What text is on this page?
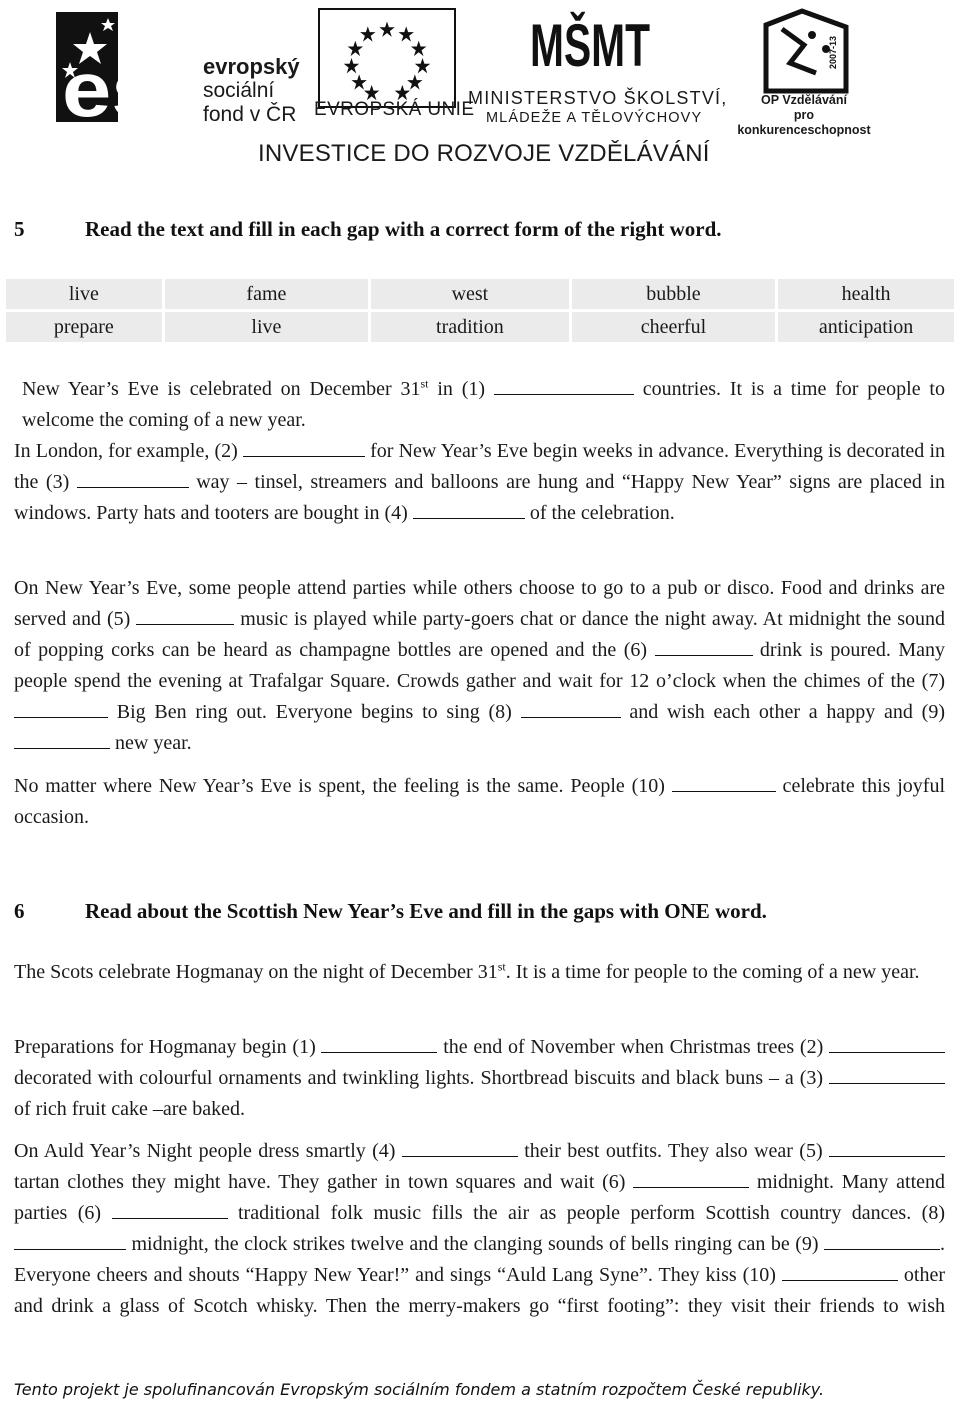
esf evropský
sociální
fond v ČR EVROPSKÁ UNIE
MŠMT
MINISTERSTVO ŠKOLSTVÍ,
MLÁDEŽE A TĚLOVÝCHOVY
2007-13
OP Vzdělávání
pro konkurenceschopnost
INVESTICE DO ROZVOJE VZDĚLÁVÁNÍ
5	Read the text and fill in each gap with a correct form of the right word.
live	fame	west	bubble	health
prepare	live	tradition	cheerful	anticipation
New Year’s Eve is celebrated on December 31st in (1)	countries. It is a time for people to welcome the coming of a new year.
In London, for example, (2)	for New Year’s Eve begin weeks in advance. Everything is decorated in the (3)	way – tinsel, streamers and balloons are hung and “Happy New Year” signs are placed in windows. Party hats and tooters are bought in (4)	of the celebration.
On New Year’s Eve, some people attend parties while others choose to go to a pub or disco. Food and drinks are served and (5)	music is played while party-goers chat or dance the night away. At midnight the sound of popping corks can be heard as champagne bottles are opened and the (6)	drink is poured. Many people spend the evening at Trafalgar Square. Crowds gather and wait for 12 o’clock when the chimes of the (7)  Big Ben ring out. Everyone begins to sing (8)	and wish each other a happy and (9)  new year.
No matter where New Year’s Eve is spent, the feeling is the same. People (10)	celebrate this joyful occasion.
6	Read about the Scottish New Year’s Eve and fill in the gaps with ONE word.
The Scots celebrate Hogmanay on the night of December 31st. It is a time for people to the coming of a new year.
Preparations for Hogmanay begin (1)	the end of November when Christmas trees (2)  decorated with colourful ornaments and twinkling lights. Shortbread biscuits and black buns – a (3)  of rich fruit cake –are baked.
On Auld Year’s Night people dress smartly (4)	their best outfits. They also wear (5)  tartan clothes they might have. They gather in town squares and wait (6)	midnight. Many attend parties (6)	traditional folk music fills the air as people perform Scottish country dances. (8)  midnight, the clock strikes twelve and the clanging sounds of bells ringing can be (9)	. Everyone cheers and shouts “Happy New Year!” and sings “Auld Lang Syne”. They kiss (10)	other and drink a glass of Scotch whisky. Then the merry-makers go “first footing”: they visit their friends to wish
Tento projekt je spolufinancován Evropským sociálním fondem a statním rozpočtem České republiky.
